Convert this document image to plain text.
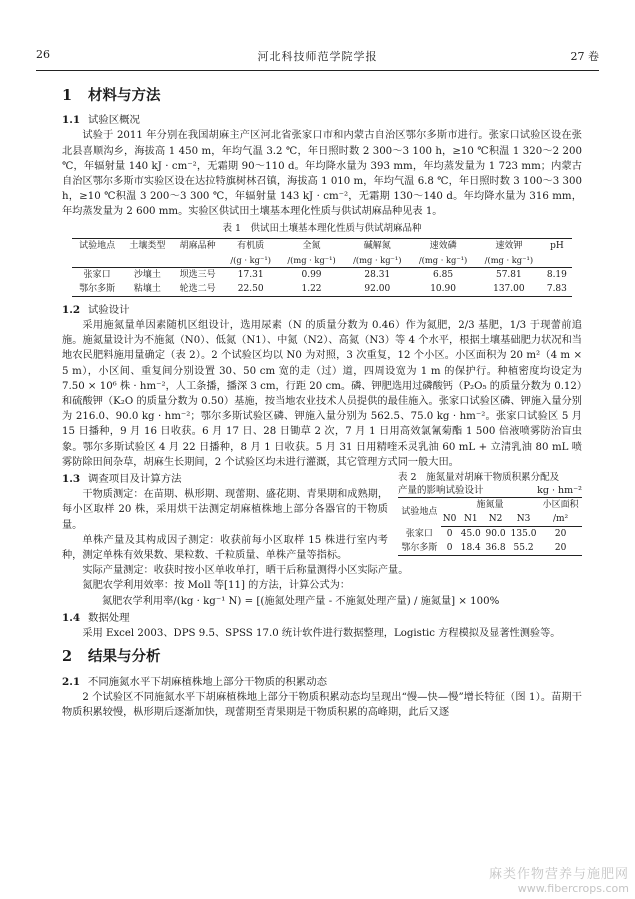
26	河北科技师范学院学报	27 卷
1 材料与方法
1.1 试验区概况

试验于 2011 年分别在我国胡麻主产区河北省张家口市和内蒙古自治区鄂尔多斯市进行。张家口试验区设在张北县喜顺沟乡，海拔高 1 450 m，年均气温 3.2 ℃，年日照时数 2 300～3 100 h，≥10 ℃积温 1 320～2 200 ℃，年辐射量 140 kJ · cm⁻²，无霜期 90～110 d。年均降水量为 393 mm，年均蒸发量为 1 723 mm；内蒙古自治区鄂尔多斯市实验区设在达拉特旗树林召镇，海拔高 1 010 m，年均气温 6.8 ℃，年日照时数 3 100～3 300 h，≥10 ℃积温 3 200～3 300 ℃，年辐射量 143 kJ · cm⁻²，无霜期 130～140 d。年均降水量为 316 mm，年均蒸发量为 2 600 mm。实验区供试田土壤基本理化性质与供试胡麻品种见表 1。

表 1　供试田土壤基本理化性质与供试胡麻品种
试验地点	土壤类型	胡麻品种	有机质	全氮	碱解氮	速效磷	速效钾	pH
			/(g · kg⁻¹)	/(mg · kg⁻¹)	/(mg · kg⁻¹)	/(mg · kg⁻¹)	/(mg · kg⁻¹)	
张家口	沙壤土	坝选三号	17.31	0.99	28.31	6.85	57.81	8.19
鄂尔多斯	粘壤土	轮选二号	22.50	1.22	92.00	10.90	137.00	7.83
1.2 试验设计

采用施氮量单因素随机区组设计，选用尿素（N 的质量分数为 0.46）作为氮肥，2/3 基肥，1/3 于现蕾前追施。施氮量设计为不施氮（N0）、低氮（N1）、中氮（N2）、高氮（N3）等 4 个水平，根据土壤基础肥力状况和当地农民肥料施用量确定（表 2）。2 个试验区均以 N0 为对照，3 次重复，12 个小区。小区面积为 20 m²（4 m × 5 m），小区间、重复间分别设置 30、50 cm 宽的走（过）道，四周设宽为 1 m 的保护行。种植密度均设定为 7.50 × 10⁶ 株 · hm⁻²，人工条播，播深 3 cm，行距 20 cm。磷、钾肥选用过磷酸钙（P₂O₅ 的质量分数为 0.12）和硫酸钾（K₂O 的质量分数为 0.50）基施，按当地农业技术人员提供的最佳施入。张家口试验区磷、钾施入量分别为 216.0、90.0 kg · hm⁻²；鄂尔多斯试验区磷、钾施入量分别为 562.5、75.0 kg · hm⁻²。张家口试验区 5 月 15 日播种，9 月 16 日收获。6 月 17 日、28 日锄草 2 次，7 月 1 日用高效氯氰菊酯 1 500 倍液喷雾防治盲虫象。鄂尔多斯试验区 4 月 22 日播种，8 月 1 日收获。5 月 31 日用精喹禾灵乳油 60 mL + 立清乳油 80 mL 喷雾防除田间杂草，胡麻生长期间，2 个试验区均未进行灌溉，其它管理方式同一般大田。

1.3 调查项目及计算方法

干物质测定：在苗期、枞形期、现蕾期、盛花期、青果期和成熟期，每小区取样 20 株，采用烘干法测定胡麻植株地上部分各器官的干物质量。

单株产量及其构成因子测定：收获前每小区取样 15 株进行室内考种，测定单株有效果数、果粒数、千粒质量、单株产量等指标。

表 2　施氮量对胡麻干物质积累分配及
产量的影响试验设计	kg · hm⁻²
试验地点	施氮量				小区面积
	N0	N1	N2	N3	/m²
张家口	0	45.0	90.0	135.0	20
鄂尔多斯	0	18.4	36.8	55.2	20

实际产量测定：收获时按小区单收单打，晒干后称量测得小区实际产量。

氮肥农学利用效率：按 Moll 等[11] 的方法，计算公式为：

氮肥农学利用率/(kg · kg⁻¹ N) = [(施氮处理产量 - 不施氮处理产量) / 施氮量] × 100%

1.4 数据处理

采用 Excel 2003、DPS 9.5、SPSS 17.0 统计软件进行数据整理，Logistic 方程模拟及显著性测验等。

2 结果与分析
2.1 不同施氮水平下胡麻植株地上部分干物质的积累动态

2 个试验区不同施氮水平下胡麻植株地上部分干物质积累动态均呈现出“慢—快—慢”增长特征（图 1）。苗期干物质积累较慢，枞形期后逐渐加快，现蕾期至青果期是干物质积累的高峰期，此后又逐

麻类作物营养与施肥网
www.fibercrops.com
